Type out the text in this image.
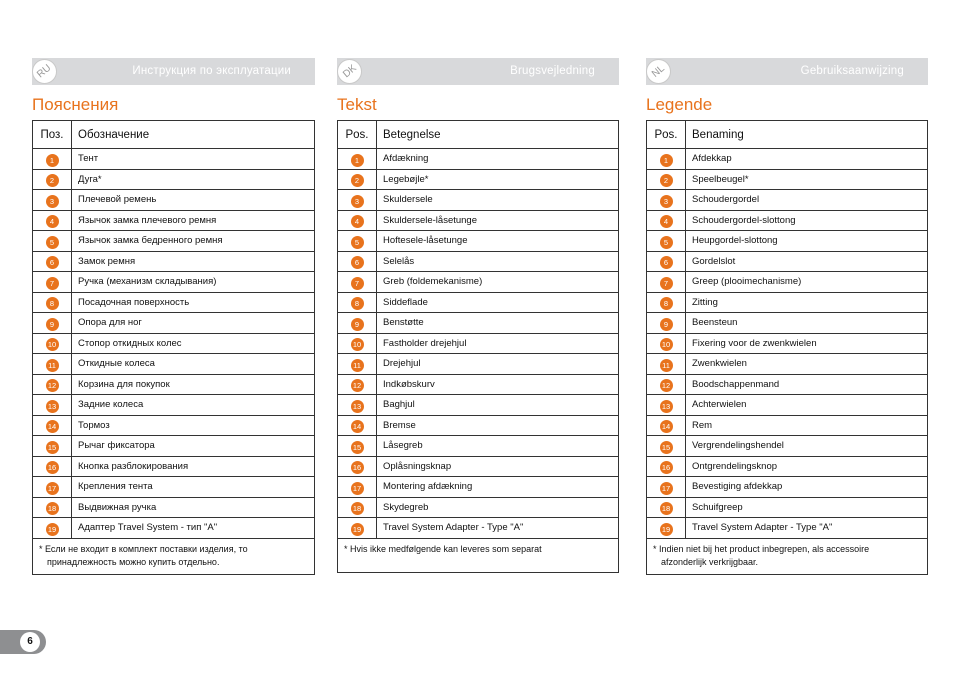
RU	Инструкция по эксплуатации
Пояснения
Поз.	Обозначение
1	Тент
2	Дуга*
3	Плечевой ремень
4	Язычок замка плечевого ремня
5	Язычок замка бедренного ремня
6	Замок ремня
7	Ручка (механизм складывания)
8	Посадочная поверхность
9	Опора для ног
10	Стопор откидных колес
11	Откидные колеса
12	Корзина для покупок
13	Задние колеса
14	Тормоз
15	Рычаг фиксатора
16	Кнопка разблокирования
17	Крепления тента
18	Выдвижная ручка
19	Адаптер Travel System - тип "A"

* Если не входит в комплект поставки изделия, то
принадлежность можно купить отдельно.	
DK	Brugsvejledning
Tekst
Pos.	Betegnelse
1	Afdækning
2	Legebøjle*
3	Skuldersele
4	Skuldersele-låsetunge
5	Hoftesele-låsetunge
6	Selelås
7	Greb (foldemekanisme)
8	Siddeflade
9	Benstøtte
10	Fastholder drejehjul
11	Drejehjul
12	Indkøbskurv
13	Baghjul
14	Bremse
15	Låsegreb
16	Oplåsningsknap
17	Montering afdækning
18	Skydegreb
19	Travel System Adapter - Type "A"

* Hvis ikke medfølgende kan leveres som separat	
NL	Gebruiksaanwijzing
Legende
Pos.	Benaming
1	Afdekkap
2	Speelbeugel*
3	Schoudergordel
4	Schoudergordel-slottong
5	Heupgordel-slottong
6	Gordelslot
7	Greep (plooimechanisme)
8	Zitting
9	Beensteun
10	Fixering voor de zwenkwielen
11	Zwenkwielen
12	Boodschappenmand
13	Achterwielen
14	Rem
15	Vergrendelingshendel
16	Ontgrendelingsknop
17	Bevestiging afdekkap
18	Schuifgreep
19	Travel System Adapter - Type "A"

* Indien niet bij het product inbegrepen, als accessoire
afzonderlijk verkrijgbaar.	
6
